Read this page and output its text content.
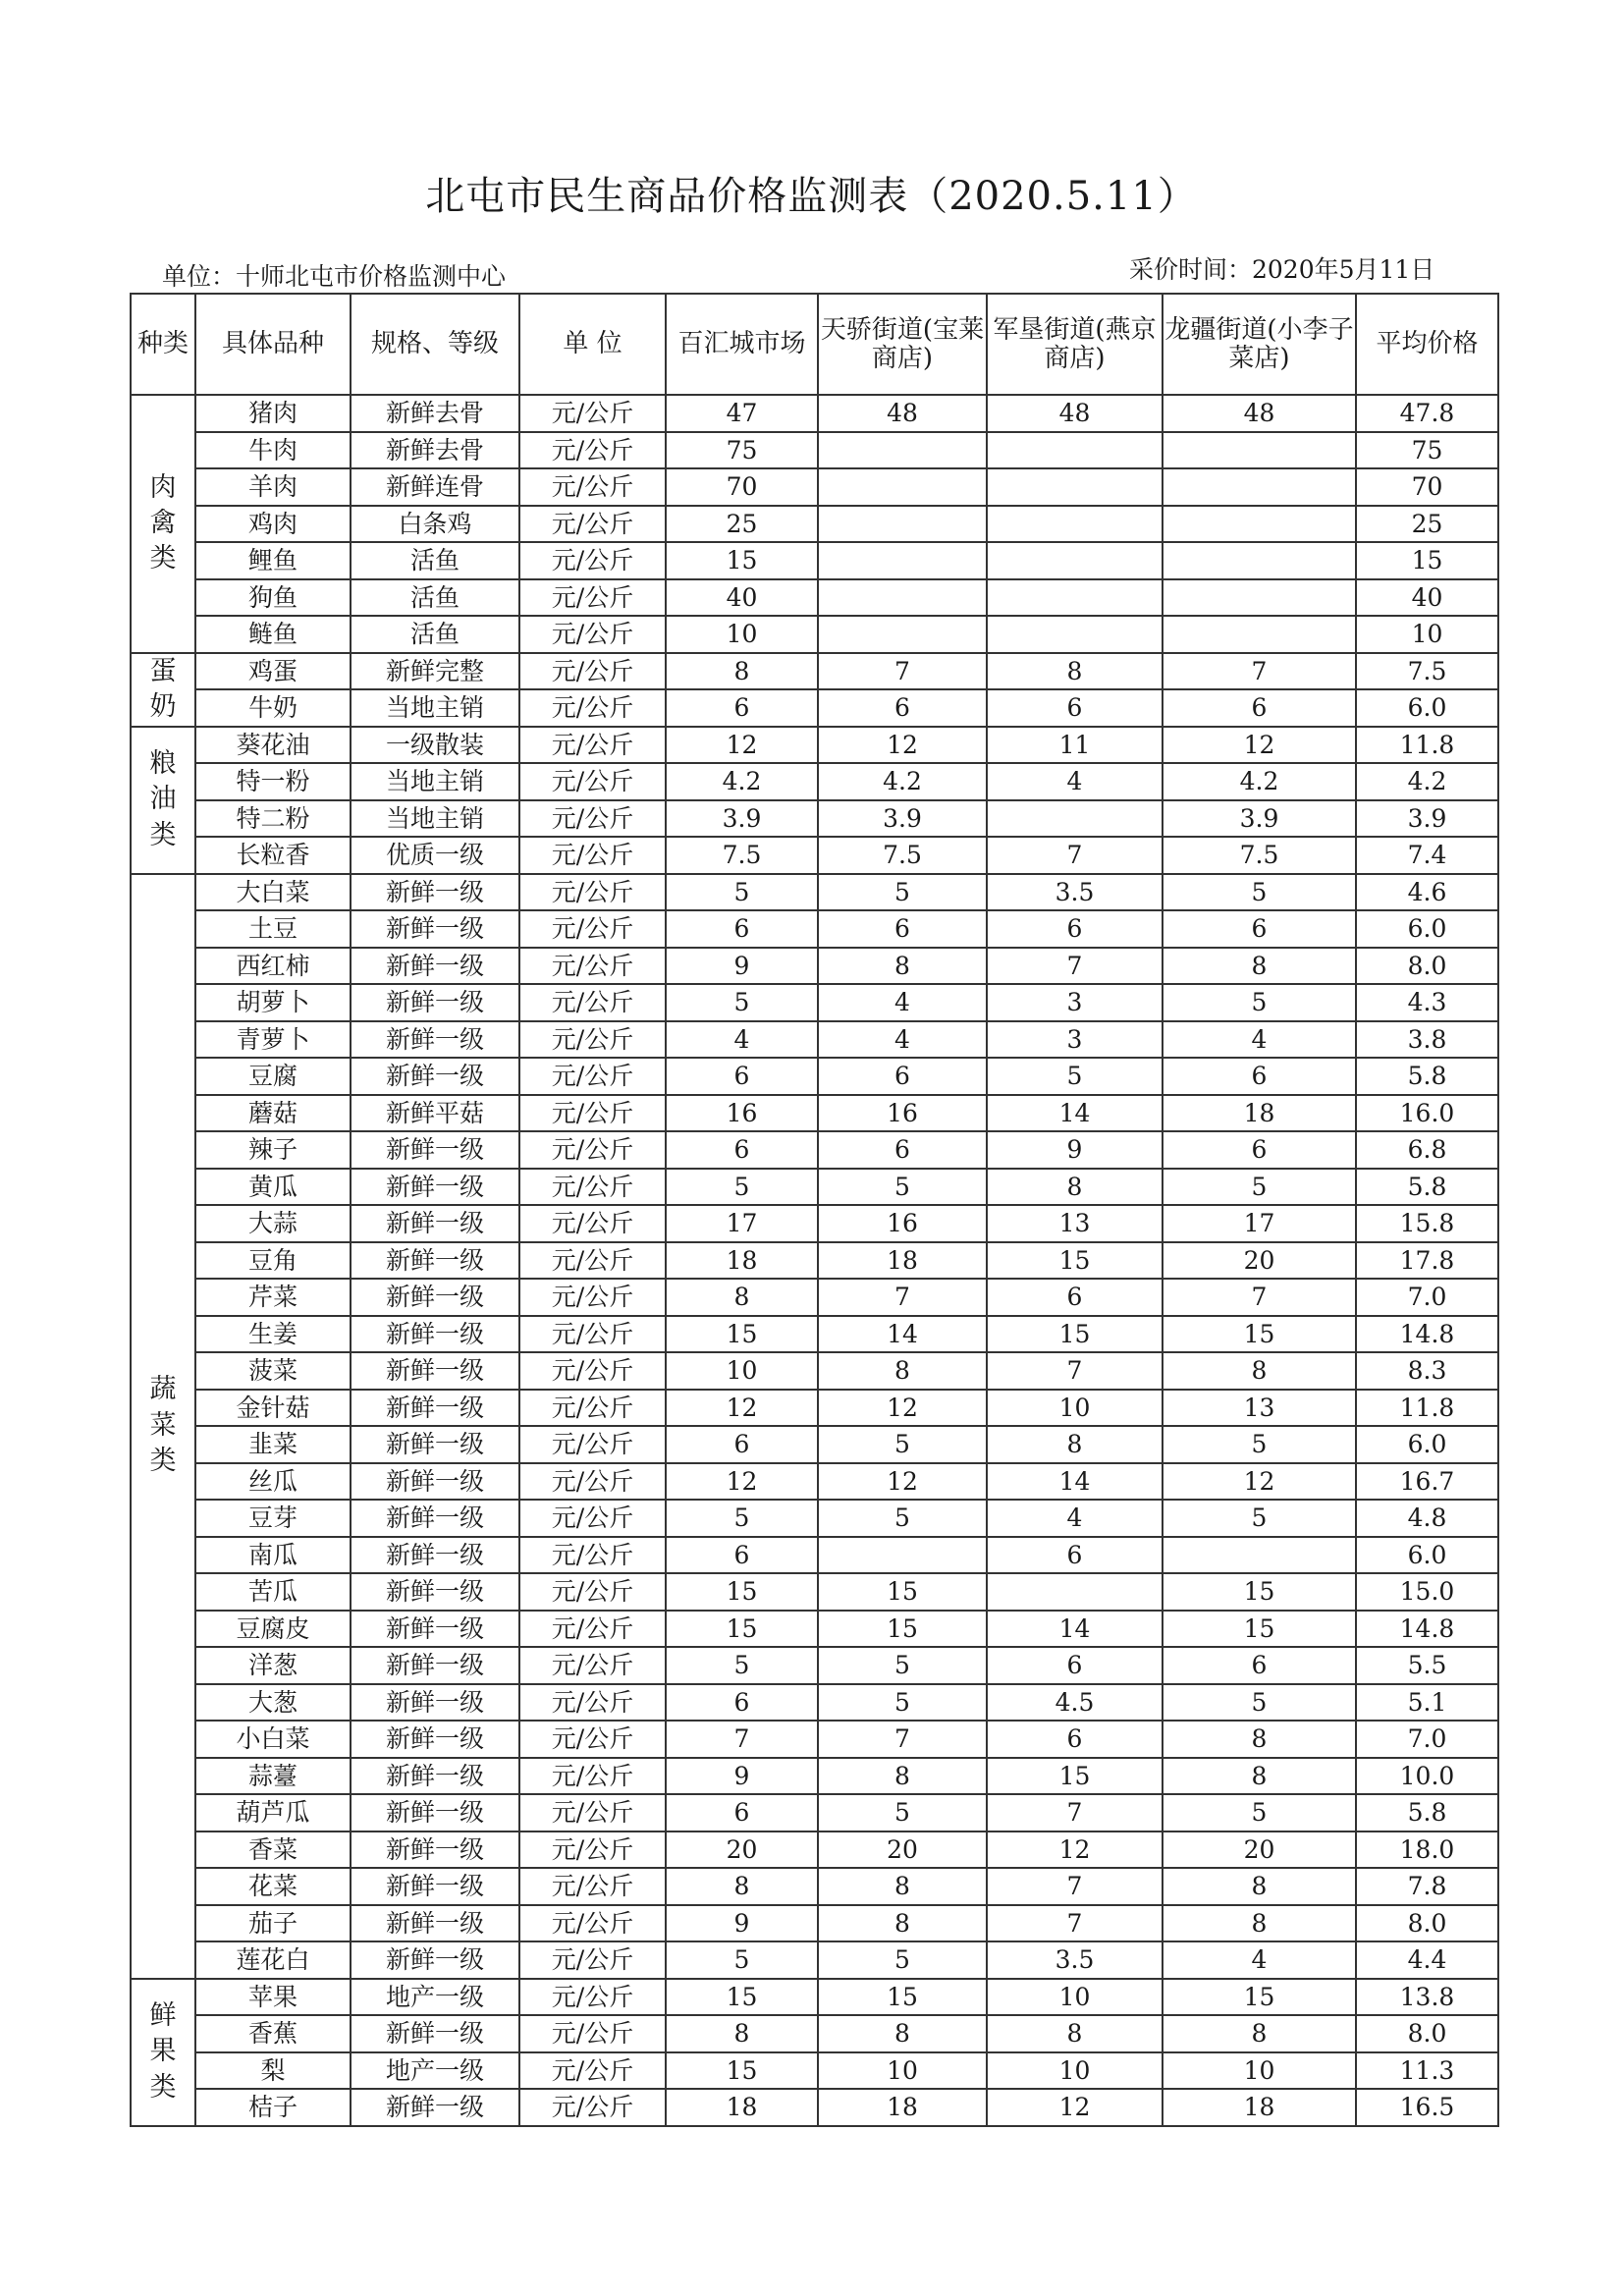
北屯市民生商品价格监测表（2020.5.11）
单位：十师北屯市价格监测中心	采价时间：2020年5月11日
种类	具体品种	规格、等级	单 位	百汇城市场	天骄街道(宝莱商店)	军垦街道(燕京商店)	龙疆街道(小李子菜店)	平均价格

肉
禽
类	猪肉	新鲜去骨	元/公斤	47	48	48	48	47.8
	牛肉	新鲜去骨	元/公斤	75				75
	羊肉	新鲜连骨	元/公斤	70				70
	鸡肉	白条鸡	元/公斤	25				25
	鲤鱼	活鱼	元/公斤	15				15
	狗鱼	活鱼	元/公斤	40				40
	鲢鱼	活鱼	元/公斤	10				10

蛋
奶	鸡蛋	新鲜完整	元/公斤	8	7	8	7	7.5
	牛奶	当地主销	元/公斤	6	6	6	6	6.0

粮
油
类	葵花油	一级散装	元/公斤	12	12	11	12	11.8
	特一粉	当地主销	元/公斤	4.2	4.2	4	4.2	4.2
	特二粉	当地主销	元/公斤	3.9	3.9		3.9	3.9
	长粒香	优质一级	元/公斤	7.5	7.5	7	7.5	7.4

蔬
菜
类	大白菜	新鲜一级	元/公斤	5	5	3.5	5	4.6
	土豆	新鲜一级	元/公斤	6	6	6	6	6.0
	西红柿	新鲜一级	元/公斤	9	8	7	8	8.0
	胡萝卜	新鲜一级	元/公斤	5	4	3	5	4.3
	青萝卜	新鲜一级	元/公斤	4	4	3	4	3.8
	豆腐	新鲜一级	元/公斤	6	6	5	6	5.8
	蘑菇	新鲜平菇	元/公斤	16	16	14	18	16.0
	辣子	新鲜一级	元/公斤	6	6	9	6	6.8
	黄瓜	新鲜一级	元/公斤	5	5	8	5	5.8
	大蒜	新鲜一级	元/公斤	17	16	13	17	15.8
	豆角	新鲜一级	元/公斤	18	18	15	20	17.8
	芹菜	新鲜一级	元/公斤	8	7	6	7	7.0
	生姜	新鲜一级	元/公斤	15	14	15	15	14.8
	菠菜	新鲜一级	元/公斤	10	8	7	8	8.3
	金针菇	新鲜一级	元/公斤	12	12	10	13	11.8
	韭菜	新鲜一级	元/公斤	6	5	8	5	6.0
	丝瓜	新鲜一级	元/公斤	12	12	14	12	16.7
	豆芽	新鲜一级	元/公斤	5	5	4	5	4.8
	南瓜	新鲜一级	元/公斤	6		6		6.0
	苦瓜	新鲜一级	元/公斤	15	15		15	15.0
	豆腐皮	新鲜一级	元/公斤	15	15	14	15	14.8
	洋葱	新鲜一级	元/公斤	5	5	6	6	5.5
	大葱	新鲜一级	元/公斤	6	5	4.5	5	5.1
	小白菜	新鲜一级	元/公斤	7	7	6	8	7.0
	蒜薹	新鲜一级	元/公斤	9	8	15	8	10.0
	葫芦瓜	新鲜一级	元/公斤	6	5	7	5	5.8
	香菜	新鲜一级	元/公斤	20	20	12	20	18.0
	花菜	新鲜一级	元/公斤	8	8	7	8	7.8
	茄子	新鲜一级	元/公斤	9	8	7	8	8.0
	莲花白	新鲜一级	元/公斤	5	5	3.5	4	4.4

鲜
果
类	苹果	地产一级	元/公斤	15	15	10	15	13.8
	香蕉	新鲜一级	元/公斤	8	8	8	8	8.0
	梨	地产一级	元/公斤	15	10	10	10	11.3
	桔子	新鲜一级	元/公斤	18	18	12	18	16.5
